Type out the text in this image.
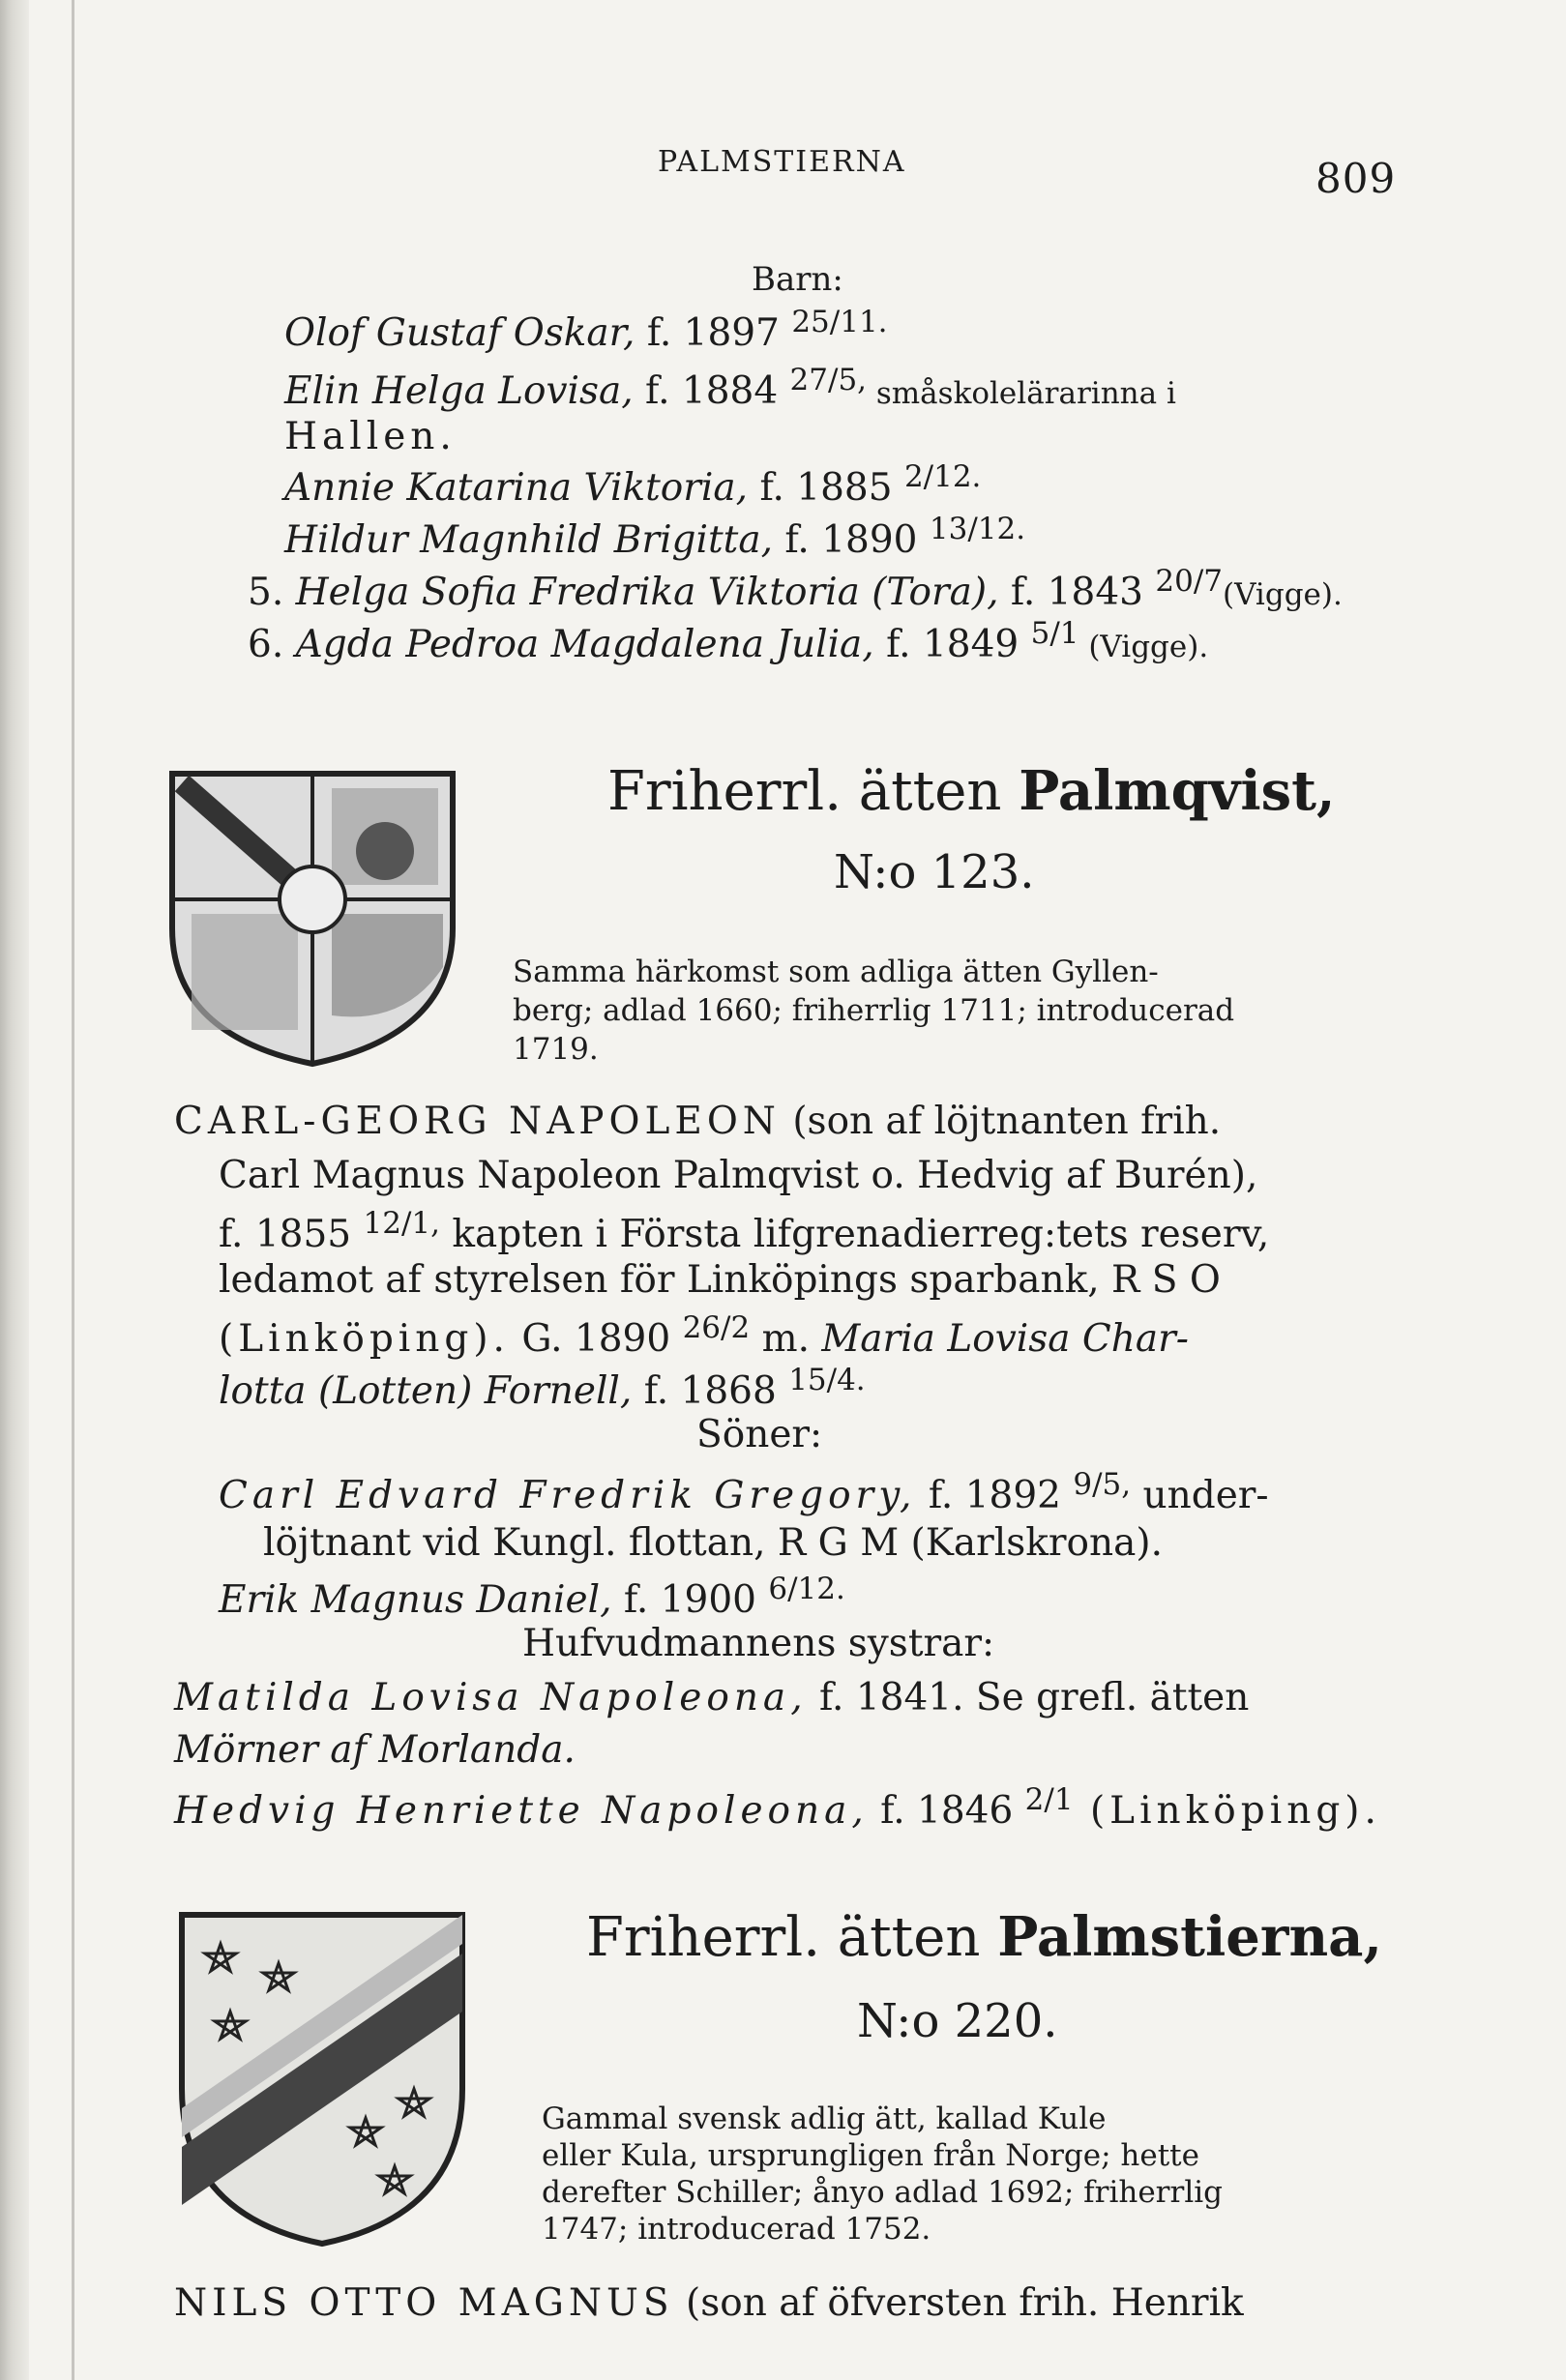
PALMSTIERNA	809
Barn:
Olof Gustaf Oskar, f. 1897 $^{25/11.}$
Elin Helga Lovisa, f. 1884 $^{27/5,}$ småskolelärarinna i
Hallen.
Annie Katarina Viktoria, f. 1885 $^{2/12.}$
Hildur Magnhild Brigitta, f. 1890 $^{13/12.}$
5. Helga Sofia Fredrika Viktoria (Tora), f. 1843 $^{20/7}$(Vigge).
6. Agda Pedroa Magdalena Julia, f. 1849 $^{5/1}$ (Vigge).
Friherrl. ätten Palmqvist,
N:o 123.
Samma härkomst som adliga ätten Gyllen-
berg; adlad 1660; friherrlig 1711; introducerad
1719.
CARL-GEORG NAPOLEON (son af löjtnanten frih.
Carl Magnus Napoleon Palmqvist o. Hedvig af Burén),
f. 1855 $^{12/1,}$ kapten i Första lifgrenadierreg:tets reserv,
ledamot af styrelsen för Linköpings sparbank, R S O
(Linköping). G. 1890 $^{26/2}$ m. Maria Lovisa Char-
lotta (Lotten) Fornell, f. 1868 $^{15/4.}$
Söner:
Carl Edvard Fredrik Gregory, f. 1892 $^{9/5,}$ under-
löjtnant vid Kungl. flottan, R G M (Karlskrona).
Erik Magnus Daniel, f. 1900 $^{6/12.}$
Hufvudmannens systrar:
Matilda Lovisa Napoleona, f. 1841. Se grefl. ätten
Mörner af Morlanda.
Hedvig Henriette Napoleona, f. 1846 $^{2/1}$ (Linköping).
Friherrl. ätten Palmstierna,
N:o 220.
Gammal svensk adlig ätt, kallad Kule
eller Kula, ursprungligen från Norge; hette
derefter Schiller; ånyo adlad 1692; friherrlig
1747; introducerad 1752.
NILS OTTO MAGNUS (son af öfversten frih. Henrik
